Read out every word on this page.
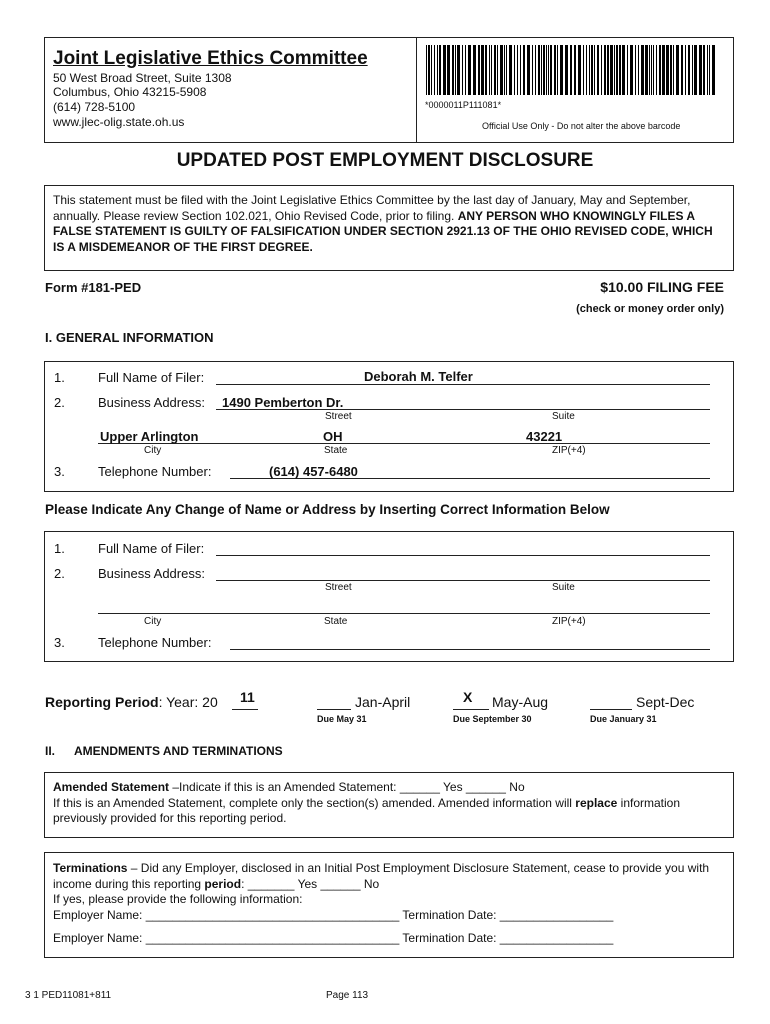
Joint Legislative Ethics Committee
50 West Broad Street, Suite 1308
Columbus, Ohio 43215-5908
(614) 728-5100
www.jlec-olig.state.oh.us
*0000011P111081*
Official Use Only - Do not alter the above barcode
UPDATED POST EMPLOYMENT DISCLOSURE
This statement must be filed with the Joint Legislative Ethics Committee by the last day of January, May and September, annually. Please review Section 102.021, Ohio Revised Code, prior to filing. ANY PERSON WHO KNOWINGLY FILES A FALSE STATEMENT IS GUILTY OF FALSIFICATION UNDER SECTION 2921.13 OF THE OHIO REVISED CODE, WHICH IS A MISDEMEANOR OF THE FIRST DEGREE.
Form #181-PED	$10.00 FILING FEE
(check or money order only)
I. GENERAL INFORMATION
1.	Full Name of Filer:	Deborah M. Telfer
2.	Business Address: 1490 Pemberton Dr.
Street	Suite
Upper Arlington	OH	43221
City	State	ZIP(+4)
3.	Telephone Number:	(614) 457-6480
Please Indicate Any Change of Name or Address by Inserting Correct Information Below
1.	Full Name of Filer:
2.	Business Address:
Street	Suite
City	State	ZIP(+4)
3.	Telephone Number:
Reporting Period: Year: 20 11	Jan-April
Due May 31
X May-Aug
Due September 30
Sept-Dec
Due January 31
II. AMENDMENTS AND TERMINATIONS
Amended Statement –Indicate if this is an Amended Statement: ______ Yes ______ No
If this is an Amended Statement, complete only the section(s) amended. Amended information will replace information previously provided for this reporting period.
Terminations – Did any Employer, disclosed in an Initial Post Employment Disclosure Statement, cease to provide you with income during this reporting period: _______ Yes ______ No
If yes, please provide the following information:
Employer Name: ______________________________________ Termination Date: _________________
Employer Name: ______________________________________ Termination Date: _________________
3 1 PED11081+811	Page 113
